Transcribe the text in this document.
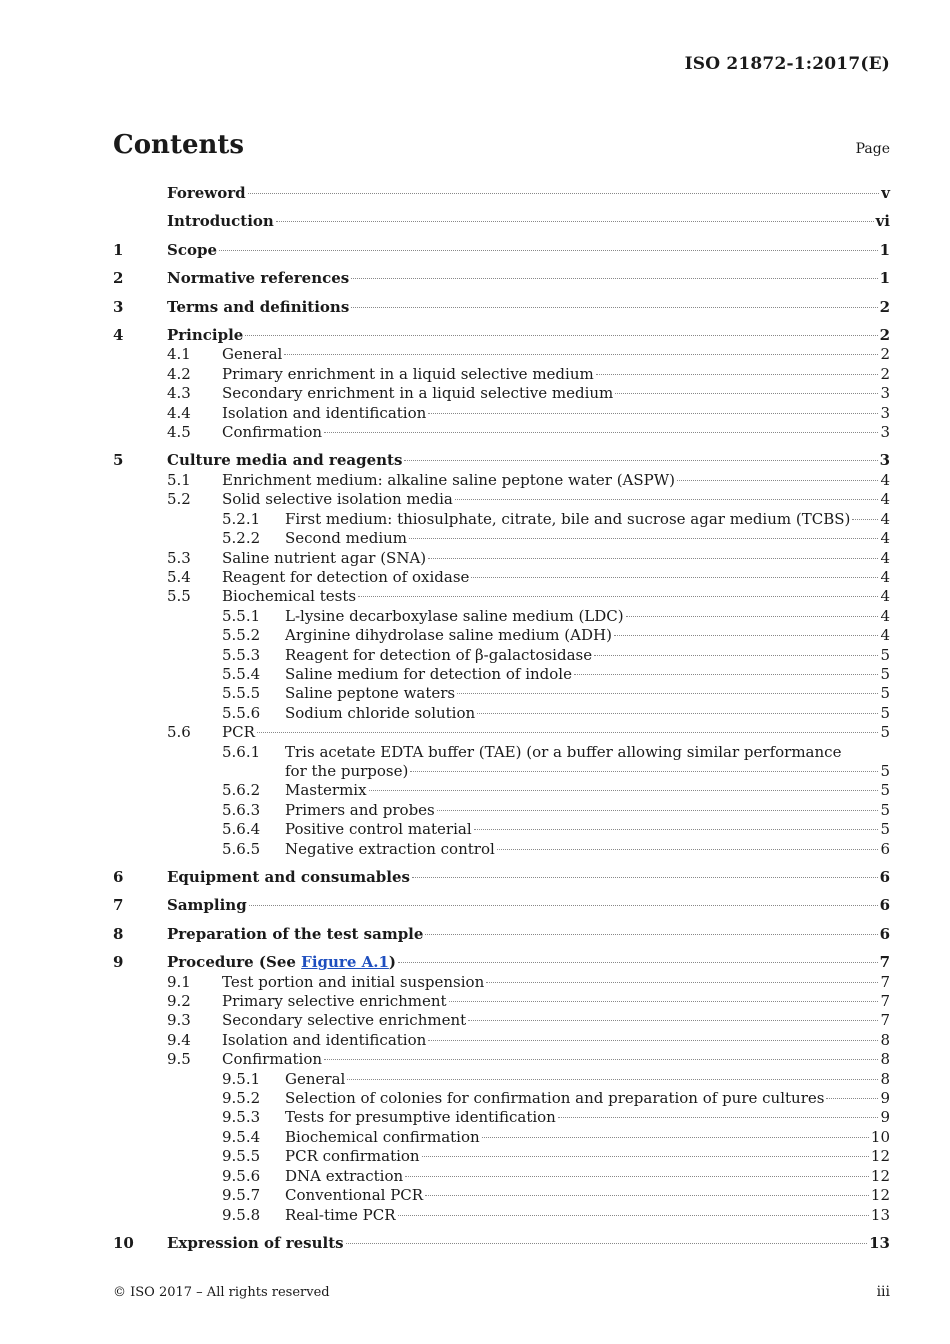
ISO 21872-1:2017(E)
Contents	Page
Foreword	v
Introduction	vi
1	Scope	1
2	Normative references	1
3	Terms and definitions	2
4	Principle	2
4.1	General	2
4.2	Primary enrichment in a liquid selective medium	2
4.3	Secondary enrichment in a liquid selective medium	3
4.4	Isolation and identification	3
4.5	Confirmation	3
5	Culture media and reagents	3
5.1	Enrichment medium: alkaline saline peptone water (ASPW)	4
5.2	Solid selective isolation media	4
5.2.1	First medium: thiosulphate, citrate, bile and sucrose agar medium (TCBS) 4
5.2.2	Second medium	4
5.3	Saline nutrient agar (SNA)	4
5.4	Reagent for detection of oxidase	4
5.5	Biochemical tests	4
5.5.1	L-lysine decarboxylase saline medium (LDC)	4
5.5.2	Arginine dihydrolase saline medium (ADH)	4
5.5.3	Reagent for detection of β-galactosidase	5
5.5.4	Saline medium for detection of indole	5
5.5.5	Saline peptone waters	5
5.5.6	Sodium chloride solution	5
5.6	PCR	5
5.6.1	Tris acetate EDTA buffer (TAE) (or a buffer allowing similar performance
for the purpose)	5
5.6.2	Mastermix	5
5.6.3	Primers and probes	5
5.6.4	Positive control material	5
5.6.5	Negative extraction control	6
6	Equipment and consumables	6
7	Sampling	6
8	Preparation of the test sample	6
9	Procedure (See Figure A.1)	7
9.1	Test portion and initial suspension	7
9.2	Primary selective enrichment	7
9.3	Secondary selective enrichment	7
9.4	Isolation and identification	8
9.5	Confirmation	8
9.5.1	General	8
9.5.2	Selection of colonies for confirmation and preparation of pure cultures	9
9.5.3	Tests for presumptive identification	9
9.5.4	Biochemical confirmation	10
9.5.5	PCR confirmation	12
9.5.6	DNA extraction	12
9.5.7	Conventional PCR	12
9.5.8	Real-time PCR	13
10	Expression of results	13
© ISO 2017 – All rights reserved	iii
